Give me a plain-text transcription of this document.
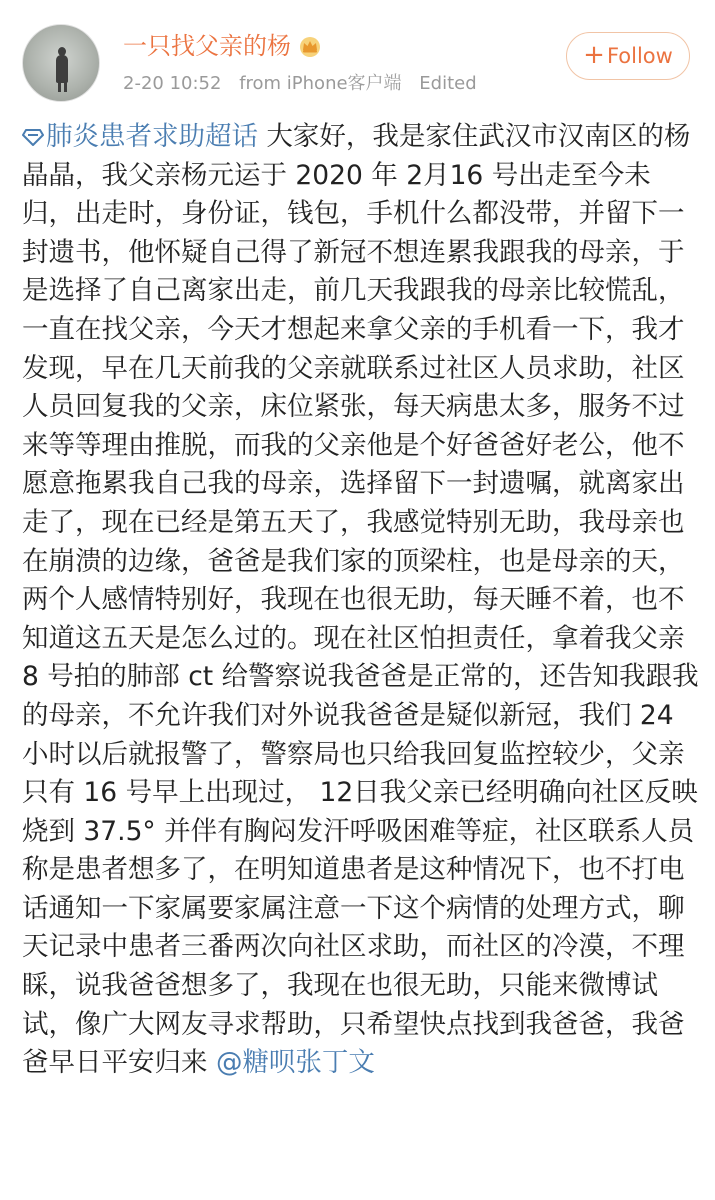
一只找父亲的杨
2-20 10:52 from iPhone客户端 Edited
+ Follow
肺炎患者求助超话 大家好，我是家住武汉市汉南区的杨晶晶，我父亲杨元运于 2020 年 2月16 号出走至今未归，出走时，身份证，钱包，手机什么都没带，并留下一封遗书，他怀疑自己得了新冠不想连累我跟我的母亲，于是选择了自己离家出走，前几天我跟我的母亲比较慌乱，一直在找父亲，今天才想起来拿父亲的手机看一下，我才发现，早在几天前我的父亲就联系过社区人员求助，社区人员回复我的父亲，床位紧张，每天病患太多，服务不过来等等理由推脱，而我的父亲他是个好爸爸好老公，他不愿意拖累我自己我的母亲，选择留下一封遗嘱，就离家出走了，现在已经是第五天了，我感觉特别无助，我母亲也在崩溃的边缘，爸爸是我们家的顶梁柱，也是母亲的天，两个人感情特别好，我现在也很无助，每天睡不着，也不知道这五天是怎么过的。现在社区怕担责任，拿着我父亲 8 号拍的肺部 ct 给警察说我爸爸是正常的，还告知我跟我的母亲，不允许我们对外说我爸爸是疑似新冠，我们 24 小时以后就报警了，警察局也只给我回复监控较少，父亲只有 16 号早上出现过， 12日我父亲已经明确向社区反映烧到 37.5° 并伴有胸闷发汗呼吸困难等症，社区联系人员称是患者想多了，在明知道患者是这种情况下，也不打电话通知一下家属要家属注意一下这个病情的处理方式，聊天记录中患者三番两次向社区求助，而社区的冷漠，不理睬，说我爸爸想多了，我现在也很无助，只能来微博试试，像广大网友寻求帮助，只希望快点找到我爸爸，我爸爸早日平安归来 @糖呗张丁文
